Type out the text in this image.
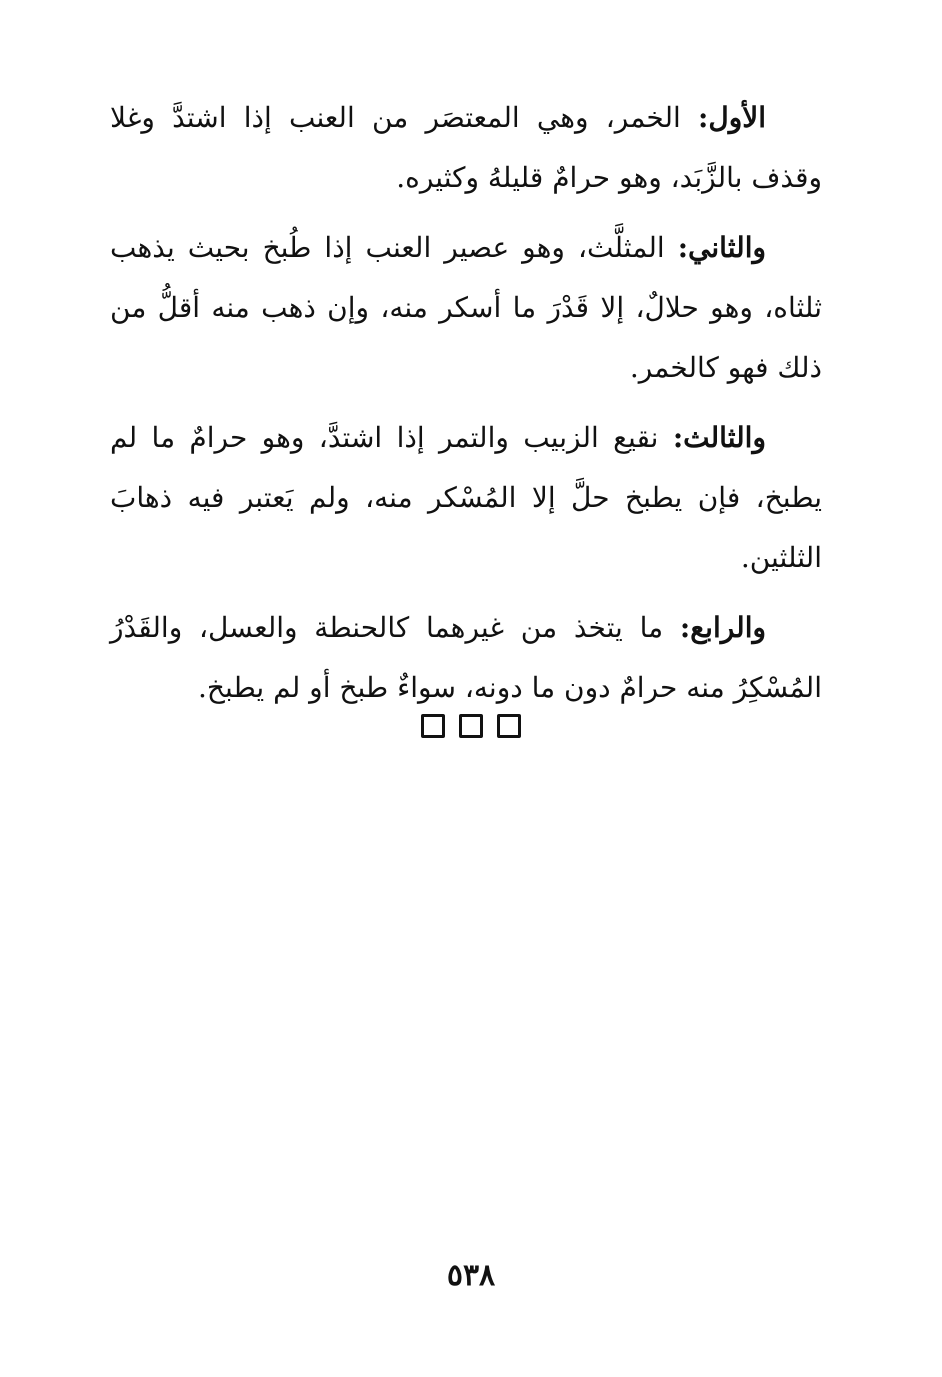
الأول: الخمر، وهي المعتصَر من العنب إذا اشتدَّ وغلا وقذف بالزَّبَد، وهو حرامٌ قليلهُ وكثيره.

والثاني: المثلَّث، وهو عصير العنب إذا طُبخ بحيث يذهب ثلثاه، وهو حلالٌ، إلا قَدْرَ ما أسكر منه، وإن ذهب منه أقلُّ من ذلك فهو كالخمر.

والثالث: نقيع الزبيب والتمر إذا اشتدَّ، وهو حرامٌ ما لم يطبخ، فإن يطبخ حلَّ إلا المُسْكر منه، ولم يَعتبر فيه ذهابَ الثلثين.

والرابع: ما يتخذ من غيرهما كالحنطة والعسل، والقَدْرُ المُسْكِرُ منه حرامٌ دون ما دونه، سواءٌ طبخ أو لم يطبخ.

٥٣٨
